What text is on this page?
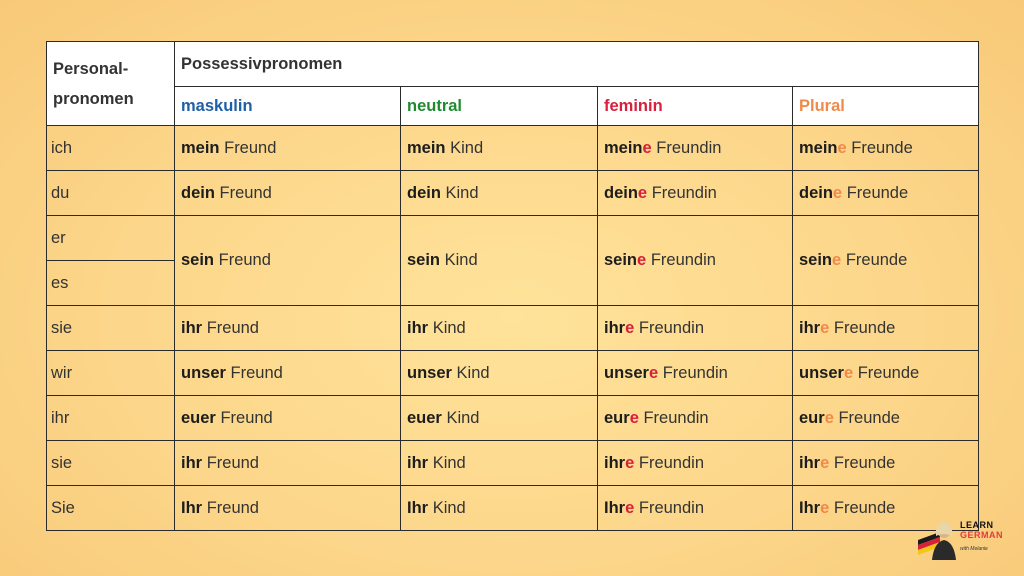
Personal-pronomen	Possessivpronomen			
	maskulin	neutral	feminin	Plural
ich	mein Freund	mein Kind	meine Freundin	meine Freunde
du	dein Freund	dein Kind	deine Freundin	deine Freunde
er	sein Freund	sein Kind	seine Freundin	seine Freunde
es				
sie	ihr Freund	ihr Kind	ihre Freundin	ihre Freunde
wir	unser Freund	unser Kind	unsere Freundin	unsere Freunde
ihr	euer Freund	euer Kind	eure Freundin	eure Freunde
sie	ihr Freund	ihr Kind	ihre Freundin	ihre Freunde
Sie	Ihr Freund	Ihr Kind	Ihre Freundin	Ihre Freunde
LEARN
GERMAN
with Melanie
